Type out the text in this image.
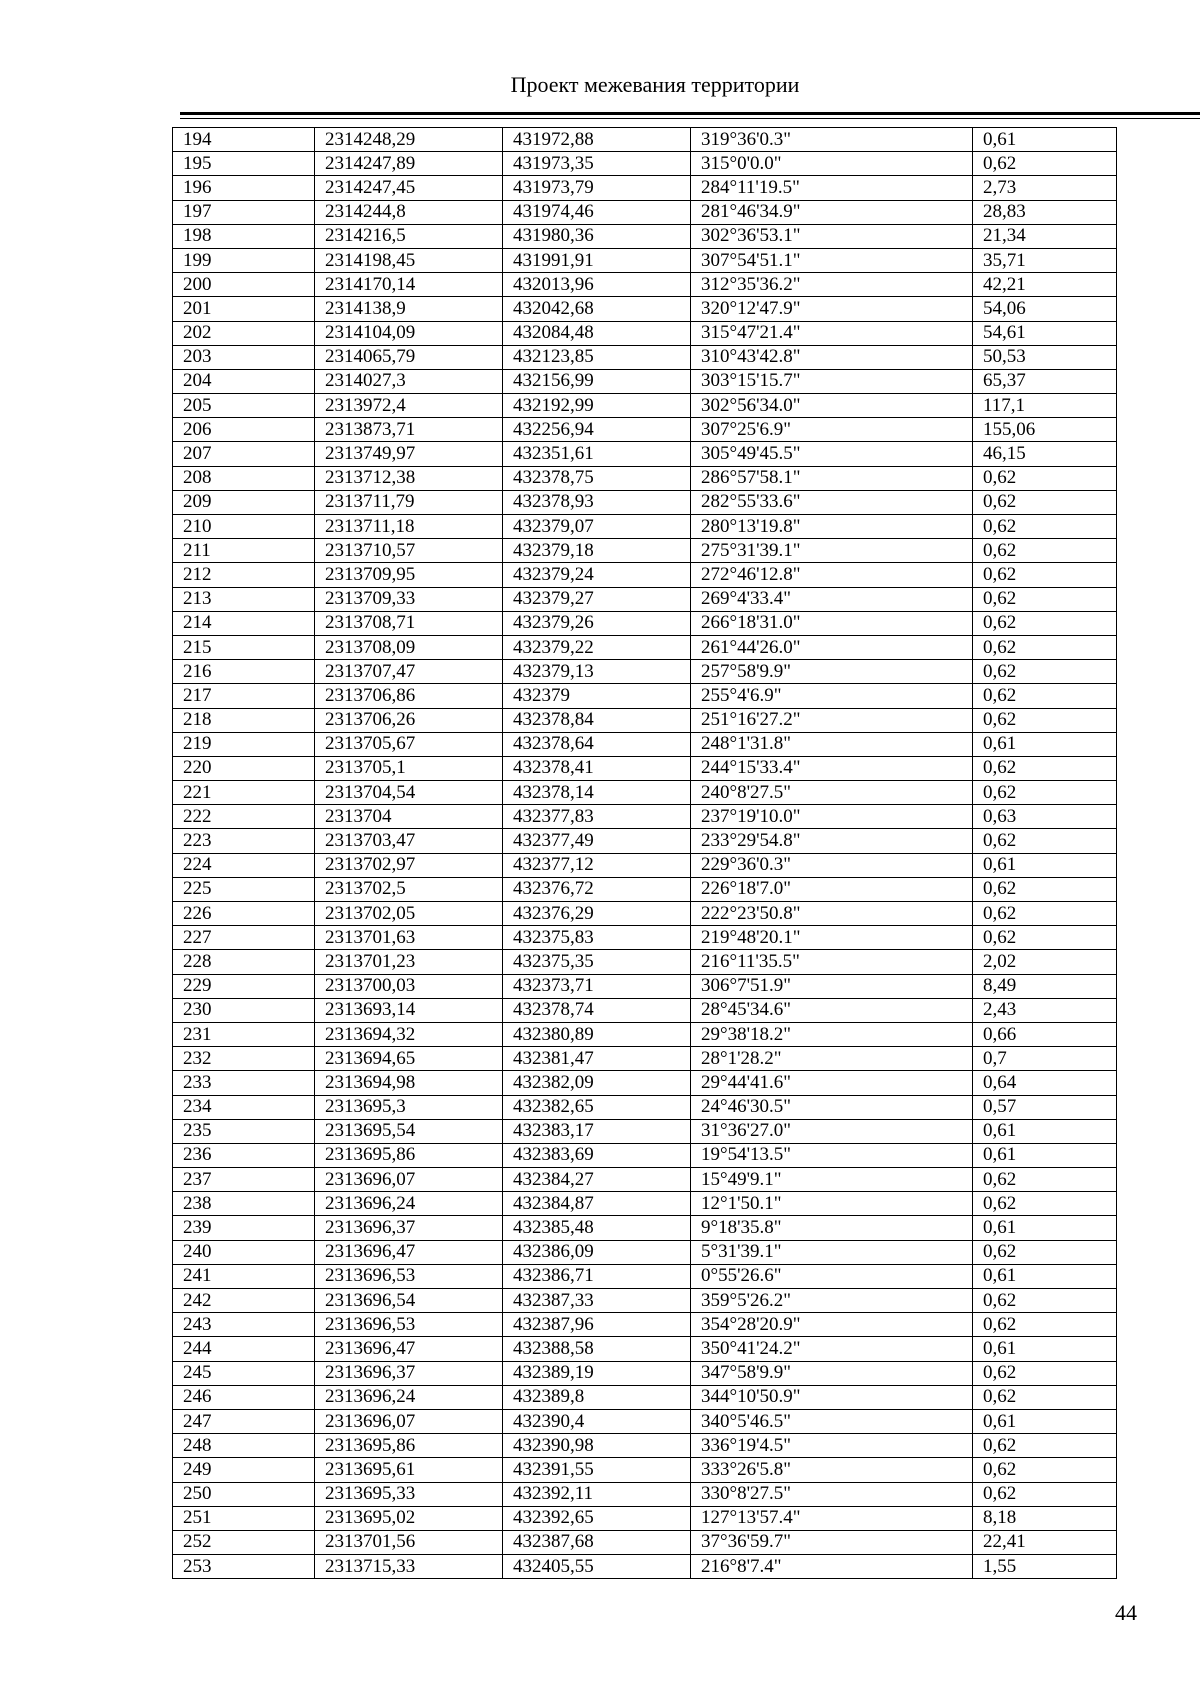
Проект межевания территории
194	2314248,29	431972,88	319°36'0.3"	0,61
195	2314247,89	431973,35	315°0'0.0"	0,62
196	2314247,45	431973,79	284°11'19.5"	2,73
197	2314244,8	431974,46	281°46'34.9"	28,83
198	2314216,5	431980,36	302°36'53.1"	21,34
199	2314198,45	431991,91	307°54'51.1"	35,71
200	2314170,14	432013,96	312°35'36.2"	42,21
201	2314138,9	432042,68	320°12'47.9"	54,06
202	2314104,09	432084,48	315°47'21.4"	54,61
203	2314065,79	432123,85	310°43'42.8"	50,53
204	2314027,3	432156,99	303°15'15.7"	65,37
205	2313972,4	432192,99	302°56'34.0"	117,1
206	2313873,71	432256,94	307°25'6.9"	155,06
207	2313749,97	432351,61	305°49'45.5"	46,15
208	2313712,38	432378,75	286°57'58.1"	0,62
209	2313711,79	432378,93	282°55'33.6"	0,62
210	2313711,18	432379,07	280°13'19.8"	0,62
211	2313710,57	432379,18	275°31'39.1"	0,62
212	2313709,95	432379,24	272°46'12.8"	0,62
213	2313709,33	432379,27	269°4'33.4"	0,62
214	2313708,71	432379,26	266°18'31.0"	0,62
215	2313708,09	432379,22	261°44'26.0"	0,62
216	2313707,47	432379,13	257°58'9.9"	0,62
217	2313706,86	432379	255°4'6.9"	0,62
218	2313706,26	432378,84	251°16'27.2"	0,62
219	2313705,67	432378,64	248°1'31.8"	0,61
220	2313705,1	432378,41	244°15'33.4"	0,62
221	2313704,54	432378,14	240°8'27.5"	0,62
222	2313704	432377,83	237°19'10.0"	0,63
223	2313703,47	432377,49	233°29'54.8"	0,62
224	2313702,97	432377,12	229°36'0.3"	0,61
225	2313702,5	432376,72	226°18'7.0"	0,62
226	2313702,05	432376,29	222°23'50.8"	0,62
227	2313701,63	432375,83	219°48'20.1"	0,62
228	2313701,23	432375,35	216°11'35.5"	2,02
229	2313700,03	432373,71	306°7'51.9"	8,49
230	2313693,14	432378,74	28°45'34.6"	2,43
231	2313694,32	432380,89	29°38'18.2"	0,66
232	2313694,65	432381,47	28°1'28.2"	0,7
233	2313694,98	432382,09	29°44'41.6"	0,64
234	2313695,3	432382,65	24°46'30.5"	0,57
235	2313695,54	432383,17	31°36'27.0"	0,61
236	2313695,86	432383,69	19°54'13.5"	0,61
237	2313696,07	432384,27	15°49'9.1"	0,62
238	2313696,24	432384,87	12°1'50.1"	0,62
239	2313696,37	432385,48	9°18'35.8"	0,61
240	2313696,47	432386,09	5°31'39.1"	0,62
241	2313696,53	432386,71	0°55'26.6"	0,61
242	2313696,54	432387,33	359°5'26.2"	0,62
243	2313696,53	432387,96	354°28'20.9"	0,62
244	2313696,47	432388,58	350°41'24.2"	0,61
245	2313696,37	432389,19	347°58'9.9"	0,62
246	2313696,24	432389,8	344°10'50.9"	0,62
247	2313696,07	432390,4	340°5'46.5"	0,61
248	2313695,86	432390,98	336°19'4.5"	0,62
249	2313695,61	432391,55	333°26'5.8"	0,62
250	2313695,33	432392,11	330°8'27.5"	0,62
251	2313695,02	432392,65	127°13'57.4"	8,18
252	2313701,56	432387,68	37°36'59.7"	22,41
253	2313715,33	432405,55	216°8'7.4"	1,55
44
